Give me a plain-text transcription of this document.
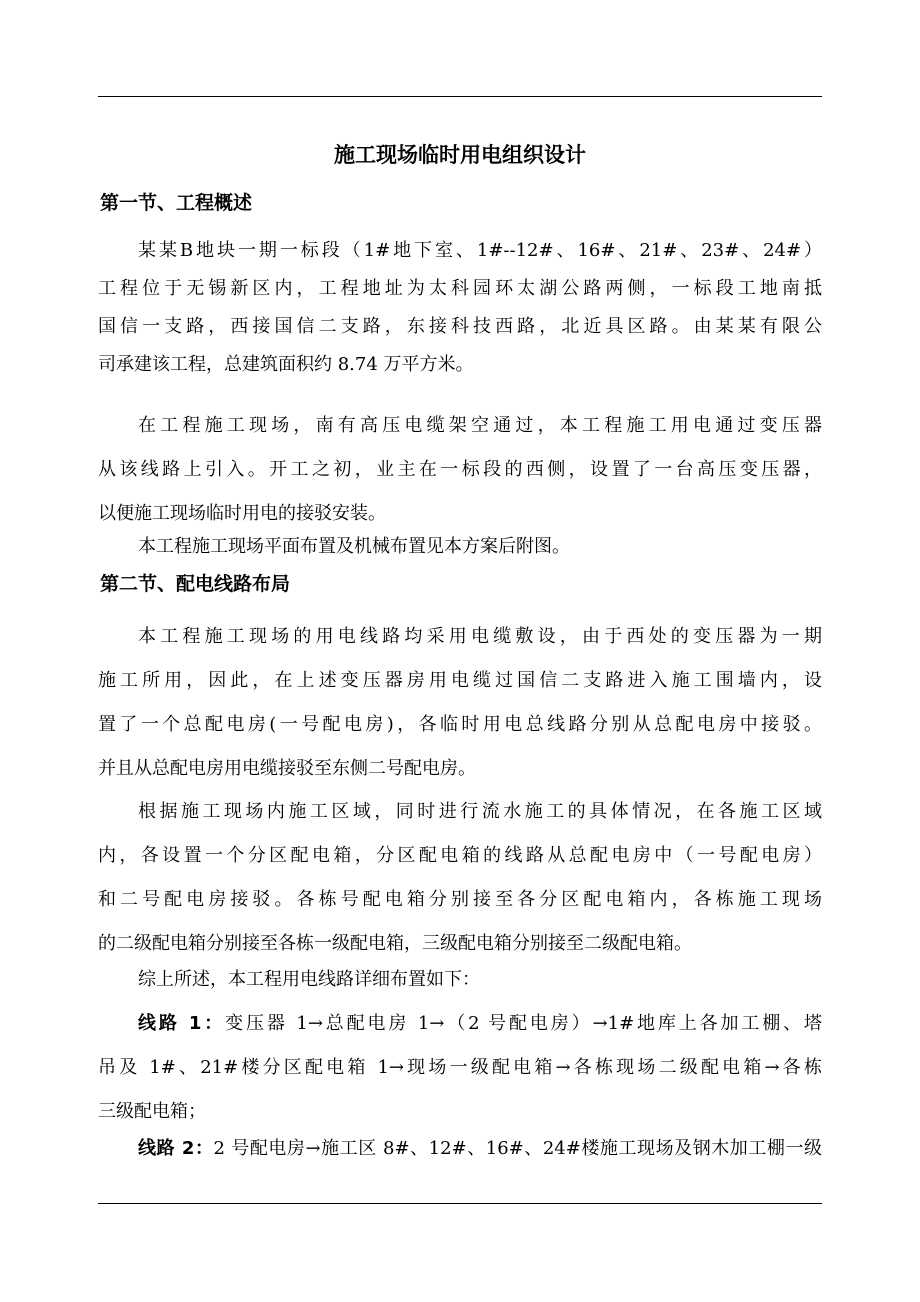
施工现场临时用电组织设计
第一节、工程概述
某某B地块一期一标段（1#地下室、1#--12#、16#、21#、23#、24#）
工程位于无锡新区内，工程地址为太科园环太湖公路两侧，一标段工地南抵
国信一支路，西接国信二支路，东接科技西路，北近具区路。由某某有限公
司承建该工程，总建筑面积约 8.74 万平方米。
在工程施工现场，南有高压电缆架空通过，本工程施工用电通过变压器
从该线路上引入。开工之初，业主在一标段的西侧，设置了一台高压变压器，
以便施工现场临时用电的接驳安装。
本工程施工现场平面布置及机械布置见本方案后附图。
第二节、配电线路布局
本工程施工现场的用电线路均采用电缆敷设，由于西处的变压器为一期
施工所用，因此，在上述变压器房用电缆过国信二支路进入施工围墙内，设
置了一个总配电房(一号配电房)，各临时用电总线路分别从总配电房中接驳。
并且从总配电房用电缆接驳至东侧二号配电房。
根据施工现场内施工区域，同时进行流水施工的具体情况，在各施工区域
内，各设置一个分区配电箱，分区配电箱的线路从总配电房中（一号配电房）
和二号配电房接驳。各栋号配电箱分别接至各分区配电箱内，各栋施工现场
的二级配电箱分别接至各栋一级配电箱，三级配电箱分别接至二级配电箱。
综上所述，本工程用电线路详细布置如下：
线路 1：变压器 1→总配电房 1→（2 号配电房）→1#地库上各加工棚、塔
吊及 1#、21#楼分区配电箱 1→现场一级配电箱→各栋现场二级配电箱→各栋
三级配电箱；
线路 2：2 号配电房→施工区 8#、12#、16#、24#楼施工现场及钢木加工棚一级
